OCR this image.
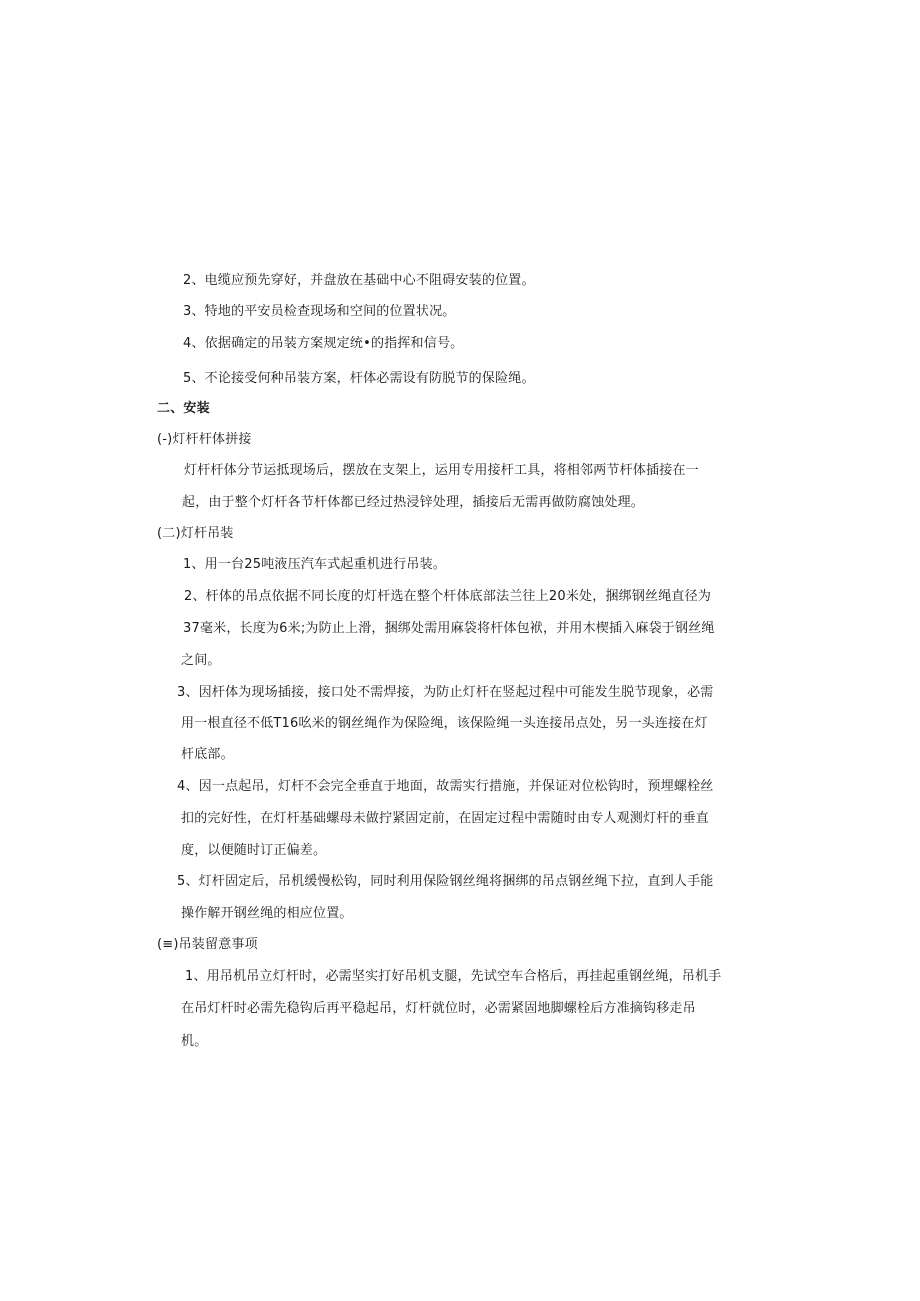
2、电缆应预先穿好，并盘放在基础中心不阻碍安装的位置。
3、特地的平安员检查现场和空间的位置状况。
4、依据确定的吊装方案规定统•的指挥和信号。
5、不论接受何种吊装方案，杆体必需设有防脱节的保险绳。
二、安装
(-)灯杆杆体拼接
灯杆杆体分节运抵现场后，摆放在支架上，运用专用接杆工具，将相邻两节杆体插接在一
起，由于整个灯杆各节杆体都已经过热浸锌处理，插接后无需再做防腐蚀处理。
(二)灯杆吊装
1、用一台25吨液压汽车式起重机进行吊装。
2、杆体的吊点依据不同长度的灯杆选在整个杆体底部法兰往上20米处，捆绑钢丝绳直径为
37毫米，长度为6米;为防止上滑，捆绑处需用麻袋将杆体包袱，并用木楔插入麻袋于钢丝绳
之间。
3、因杆体为现场插接，接口处不需焊接，为防止灯杆在竖起过程中可能发生脱节现象，必需
用一根直径不低T16吆米的钢丝绳作为保险绳，该保险绳一头连接吊点处，另一头连接在灯
杆底部。
4、因一点起吊，灯杆不会完全垂直于地面，故需实行措施，并保证对位松钩时，预埋螺栓丝
扣的完好性，在灯杆基础螺母未做拧紧固定前，在固定过程中需随时由专人观测灯杆的垂直
度，以便随时订正偏差。
5、灯杆固定后，吊机缓慢松钩，同时利用保险钢丝绳将捆绑的吊点钢丝绳下拉，直到人手能
操作解开钢丝绳的相应位置。
(≡)吊装留意事项
1、用吊机吊立灯杆时，必需坚实打好吊机支腿，先试空车合格后，再挂起重钢丝绳，吊机手
在吊灯杆时必需先稳钩后再平稳起吊，灯杆就位时，必需紧固地脚螺栓后方准摘钩移走吊
机。
